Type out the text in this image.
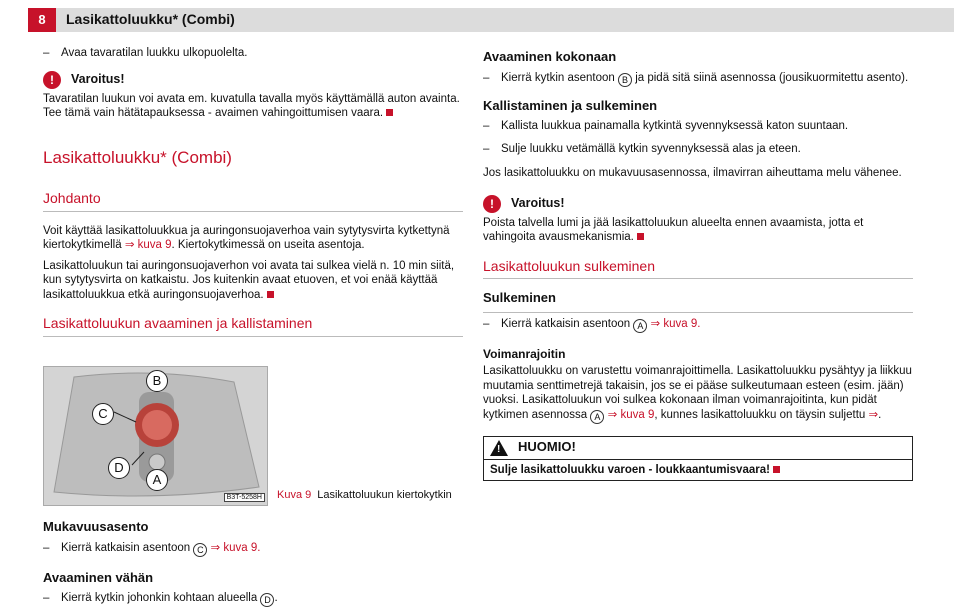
8	Lasikattoluukku* (Combi)
–	Avaa tavaratilan luukku ulkopuolelta.
!	Varoitus!

Tavaratilan luukun voi avata em. kuvatulla tavalla myös käyttämällä auton avainta. Tee tämä vain hätätapauksessa - avaimen vahingoittumisen vaara.

Lasikattoluukku* (Combi)
Johdanto

Voit käyttää lasikattoluukkua ja auringonsuojaverhoa vain sytytysvirta kytkettynä kiertokytkimellä ⇒ kuva 9. Kiertokytkimessä on useita asentoja.

Lasikattoluukun tai auringonsuojaverhon voi avata tai sulkea vielä n. 10 min siitä, kun sytytysvirta on katkaistu. Jos kuitenkin avaat etuoven, et voi enää käyttää lasikattoluukkua etkä auringonsuojaverhoa.

Lasikattoluukun avaaminen ja kallistaminen
B
C
D
A
B3T-5258H Kuva 9 Lasikattoluukun kiertokytkin
Mukavuusasento
–	Kierrä katkaisin asentoon C ⇒ kuva 9.
Avaaminen vähän
–	Kierrä kytkin johonkin kohtaan alueella D .
Avaaminen kokonaan
–	Kierrä kytkin asentoon B ja pidä sitä siinä asennossa (jousikuormitettu asento).
Kallistaminen ja sulkeminen
–	Kallista luukkua painamalla kytkintä syvennyksessä katon suuntaan.
–	Sulje luukku vetämällä kytkin syvennyksessä alas ja eteen.

Jos lasikattoluukku on mukavuusasennossa, ilmavirran aiheuttama melu vähenee.

!	Varoitus!

Poista talvella lumi ja jää lasikattoluukun alueelta ennen avaamista, jotta et vahingoita avausmekanismia.

Lasikattoluukun sulkeminen
Sulkeminen
–	Kierrä katkaisin asentoon A ⇒ kuva 9.
Voimanrajoitin

Lasikattoluukku on varustettu voimanrajoittimella. Lasikattoluukku pysähtyy ja liikkuu muutamia senttimetrejä takaisin, jos se ei pääse sulkeutumaan esteen (esim. jään) vuoksi. Lasikattoluukun voi sulkea kokonaan ilman voimanrajoitinta, kun pidät kytkimen asennossa A ⇒ kuva 9, kunnes lasikattoluukku on täysin suljettu ⇒.

! HUOMIO!
Sulje lasikattoluukku varoen - loukkaantumisvaara!
